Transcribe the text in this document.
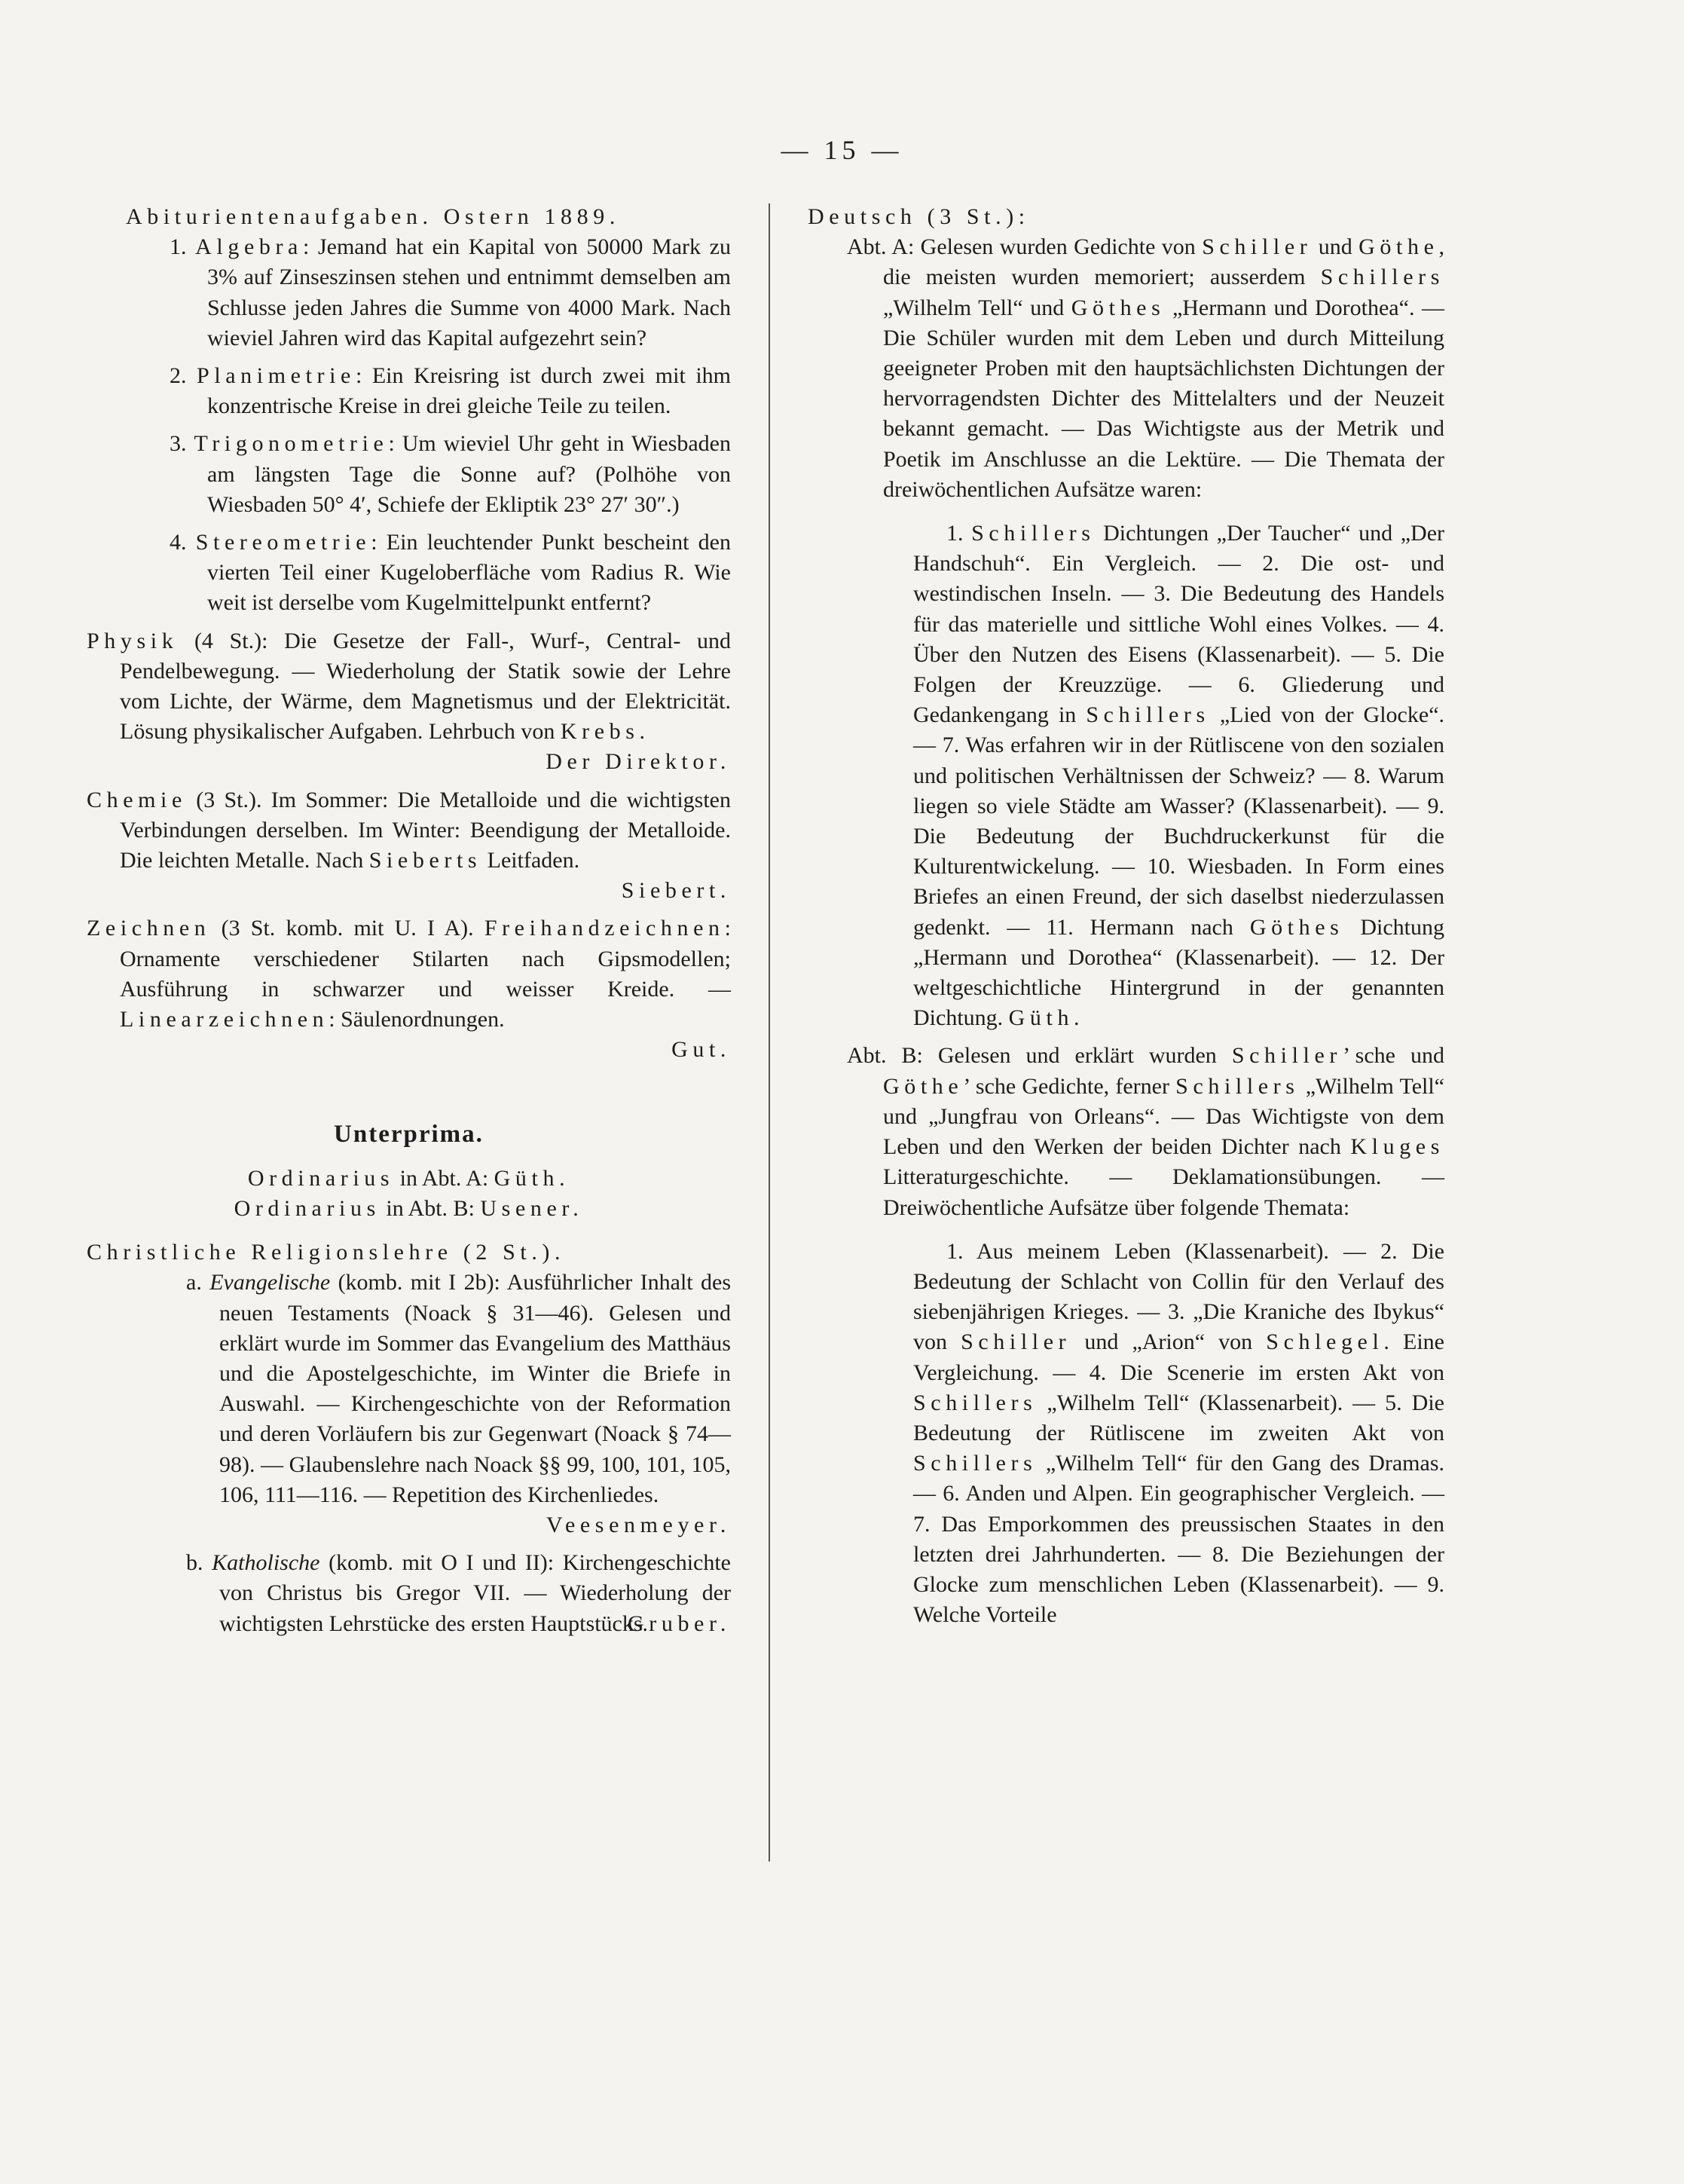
— 15 —

Abiturientenaufgaben. Ostern 1889.

1. Algebra: Jemand hat ein Kapital von 50000 Mark zu 3% auf Zinseszinsen stehen und entnimmt demselben am Schlusse jeden Jahres die Summe von 4000 Mark. Nach wieviel Jahren wird das Kapital aufgezehrt sein?

2. Planimetrie: Ein Kreisring ist durch zwei mit ihm konzentrische Kreise in drei gleiche Teile zu teilen.

3. Trigonometrie: Um wieviel Uhr geht in Wiesbaden am längsten Tage die Sonne auf? (Polhöhe von Wiesbaden 50° 4′, Schiefe der Ekliptik 23° 27′ 30″.)

4. Stereometrie: Ein leuchtender Punkt bescheint den vierten Teil einer Kugeloberfläche vom Radius R. Wie weit ist derselbe vom Kugelmittelpunkt entfernt?

Physik (4 St.): Die Gesetze der Fall-, Wurf-, Central- und Pendelbewegung. — Wiederholung der Statik sowie der Lehre vom Lichte, der Wärme, dem Magnetismus und der Elektricität. Lösung physikalischer Aufgaben. Lehrbuch von Krebs.

Der Direktor.

Chemie (3 St.). Im Sommer: Die Metalloide und die wichtigsten Verbindungen derselben. Im Winter: Beendigung der Metalloide. Die leichten Metalle. Nach Sieberts Leitfaden.

Siebert.

Zeichnen (3 St. komb. mit U. I A). Freihandzeichnen: Ornamente verschiedener Stilarten nach Gipsmodellen; Ausführung in schwarzer und weisser Kreide. — Linearzeichnen: Säulenordnungen.

Gut.

Unterprima.

Ordinarius in Abt. A: Güth.

Ordinarius in Abt. B: Usener.

Christliche Religionslehre (2 St.).

a. Evangelische (komb. mit I 2b): Ausführlicher Inhalt des neuen Testaments (Noack § 31—46). Gelesen und erklärt wurde im Sommer das Evangelium des Matthäus und die Apostelgeschichte, im Winter die Briefe in Auswahl. — Kirchengeschichte von der Reformation und deren Vorläufern bis zur Gegenwart (Noack § 74—98). — Glaubenslehre nach Noack §§ 99, 100, 101, 105, 106, 111—116. — Repetition des Kirchenliedes.

Veesenmeyer.

b. Katholische (komb. mit O I und II): Kirchengeschichte von Christus bis Gregor VII. — Wiederholung der wichtigsten Lehrstücke des ersten Hauptstücks.
Gruber.

Deutsch (3 St.):

Abt. A: Gelesen wurden Gedichte von Schiller und Göthe, die meisten wurden memoriert; ausserdem Schillers „Wilhelm Tell“ und Göthes „Hermann und Dorothea“. — Die Schüler wurden mit dem Leben und durch Mitteilung geeigneter Proben mit den hauptsächlichsten Dichtungen der hervorragendsten Dichter des Mittelalters und der Neuzeit bekannt gemacht. — Das Wichtigste aus der Metrik und Poetik im Anschlusse an die Lektüre. — Die Themata der dreiwöchentlichen Aufsätze waren:

1. Schillers Dichtungen „Der Taucher“ und „Der Handschuh“. Ein Vergleich. — 2. Die ost- und westindischen Inseln. — 3. Die Bedeutung des Handels für das materielle und sittliche Wohl eines Volkes. — 4. Über den Nutzen des Eisens (Klassenarbeit). — 5. Die Folgen der Kreuzzüge. — 6. Gliederung und Gedankengang in Schillers „Lied von der Glocke“. — 7. Was erfahren wir in der Rütliscene von den sozialen und politischen Verhältnissen der Schweiz? — 8. Warum liegen so viele Städte am Wasser? (Klassenarbeit). — 9. Die Bedeutung der Buchdruckerkunst für die Kulturentwickelung. — 10. Wiesbaden. In Form eines Briefes an einen Freund, der sich daselbst niederzulassen gedenkt. — 11. Hermann nach Göthes Dichtung „Hermann und Dorothea“ (Klassenarbeit). — 12. Der weltgeschichtliche Hintergrund in der genannten Dichtung. Güth.

Abt. B: Gelesen und erklärt wurden Schiller’sche und Göthe’sche Gedichte, ferner Schillers „Wilhelm Tell“ und „Jungfrau von Orleans“. — Das Wichtigste von dem Leben und den Werken der beiden Dichter nach Kluges Litteraturgeschichte. — Deklamationsübungen. — Dreiwöchentliche Aufsätze über folgende Themata:

1. Aus meinem Leben (Klassenarbeit). — 2. Die Bedeutung der Schlacht von Collin für den Verlauf des siebenjährigen Krieges. — 3. „Die Kraniche des Ibykus“ von Schiller und „Arion“ von Schlegel. Eine Vergleichung. — 4. Die Scenerie im ersten Akt von Schillers „Wilhelm Tell“ (Klassenarbeit). — 5. Die Bedeutung der Rütliscene im zweiten Akt von Schillers „Wilhelm Tell“ für den Gang des Dramas. — 6. Anden und Alpen. Ein geographischer Vergleich. — 7. Das Emporkommen des preussischen Staates in den letzten drei Jahrhunderten. — 8. Die Beziehungen der Glocke zum menschlichen Leben (Klassenarbeit). — 9. Welche Vorteile
